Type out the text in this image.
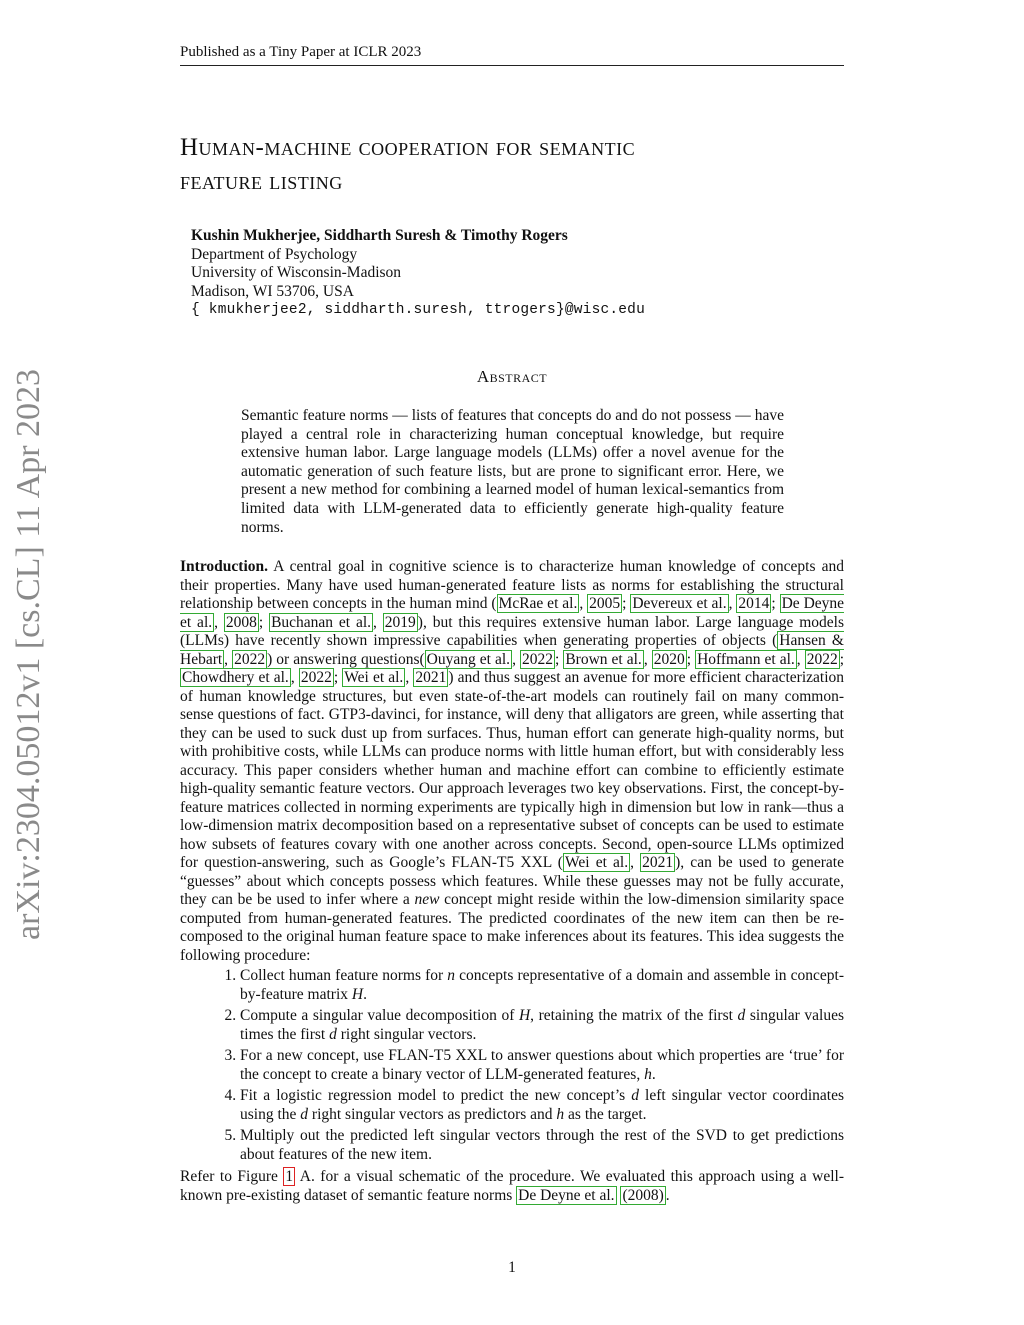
Published as a Tiny Paper at ICLR 2023
Human-machine cooperation for semantic
feature listing
Kushin Mukherjee, Siddharth Suresh & Timothy Rogers
Department of Psychology
University of Wisconsin-Madison
Madison, WI 53706, USA
{ kmukherjee2, siddharth.suresh, ttrogers}@wisc.edu
arXiv:2304.05012v1 [cs.CL] 11 Apr 2023	Abstract
Semantic feature norms — lists of features that concepts do and do not possess — have played a central role in characterizing human conceptual knowledge, but require extensive human labor. Large language models (LLMs) offer a novel avenue for the automatic generation of such feature lists, but are prone to significant error. Here, we present a new method for combining a learned model of human lexical-semantics from limited data with LLM-generated data to efficiently generate high-quality feature norms.

Introduction. A central goal in cognitive science is to characterize human knowledge of concepts and their properties. Many have used human-generated feature lists as norms for establishing the structural relationship between concepts in the human mind ( McRae et al. , 2005 ; Devereux et al. , 2014 ; De Deyne et al. , 2008 ; Buchanan et al. , 2019 ), but this requires extensive human labor. Large language models (LLMs) have recently shown impressive capabilities when generating properties of objects ( Hansen & Hebart , 2022 ) or answering questions( Ouyang et al. , 2022 ; Brown et al. , 2020 ; Hoffmann et al. , 2022 ; Chowdhery et al. , 2022 ; Wei et al. , 2021 ) and thus suggest an avenue for more efficient characterization of human knowledge structures, but even state-of-the-art models can routinely fail on many common-sense questions of fact. GTP3-davinci, for instance, will deny that alligators are green, while asserting that they can be used to suck dust up from surfaces. Thus, human effort can generate high-quality norms, but with prohibitive costs, while LLMs can produce norms with little human effort, but with considerably less accuracy. This paper considers whether human and machine effort can combine to efficiently estimate high-quality semantic feature vectors. Our approach leverages two key observations. First, the concept-by-feature matrices collected in norming experiments are typically high in dimension but low in rank—thus a low-dimension matrix decomposition based on a representative subset of concepts can be used to estimate how subsets of features covary with one another across concepts. Second, open-source LLMs optimized for question-answering, such as Google’s FLAN-T5 XXL ( Wei et al. , 2021 ), can be used to generate “guesses” about which concepts possess which features. While these guesses may not be fully accurate, they can be be used to infer where a new concept might reside within the low-dimension similarity space computed from human-generated features. The predicted coordinates of the new item can then be re-composed to the original human feature space to make inferences about its features. This idea suggests the following procedure:

1. Collect human feature norms for n concepts representative of a domain and assemble in concept-by-feature matrix H.
2. Compute a singular value decomposition of H, retaining the matrix of the first d singular values times the first d right singular vectors.
3. For a new concept, use FLAN-T5 XXL to answer questions about which properties are ‘true’ for the concept to create a binary vector of LLM-generated features, h.
4. Fit a logistic regression model to predict the new concept’s d left singular vector coordinates using the d right singular vectors as predictors and h as the target.
5. Multiply out the predicted left singular vectors through the rest of the SVD to get predictions about features of the new item.

Refer to Figure 1 A. for a visual schematic of the procedure. We evaluated this approach using a well-known pre-existing dataset of semantic feature norms De Deyne et al. (2008) .

1
